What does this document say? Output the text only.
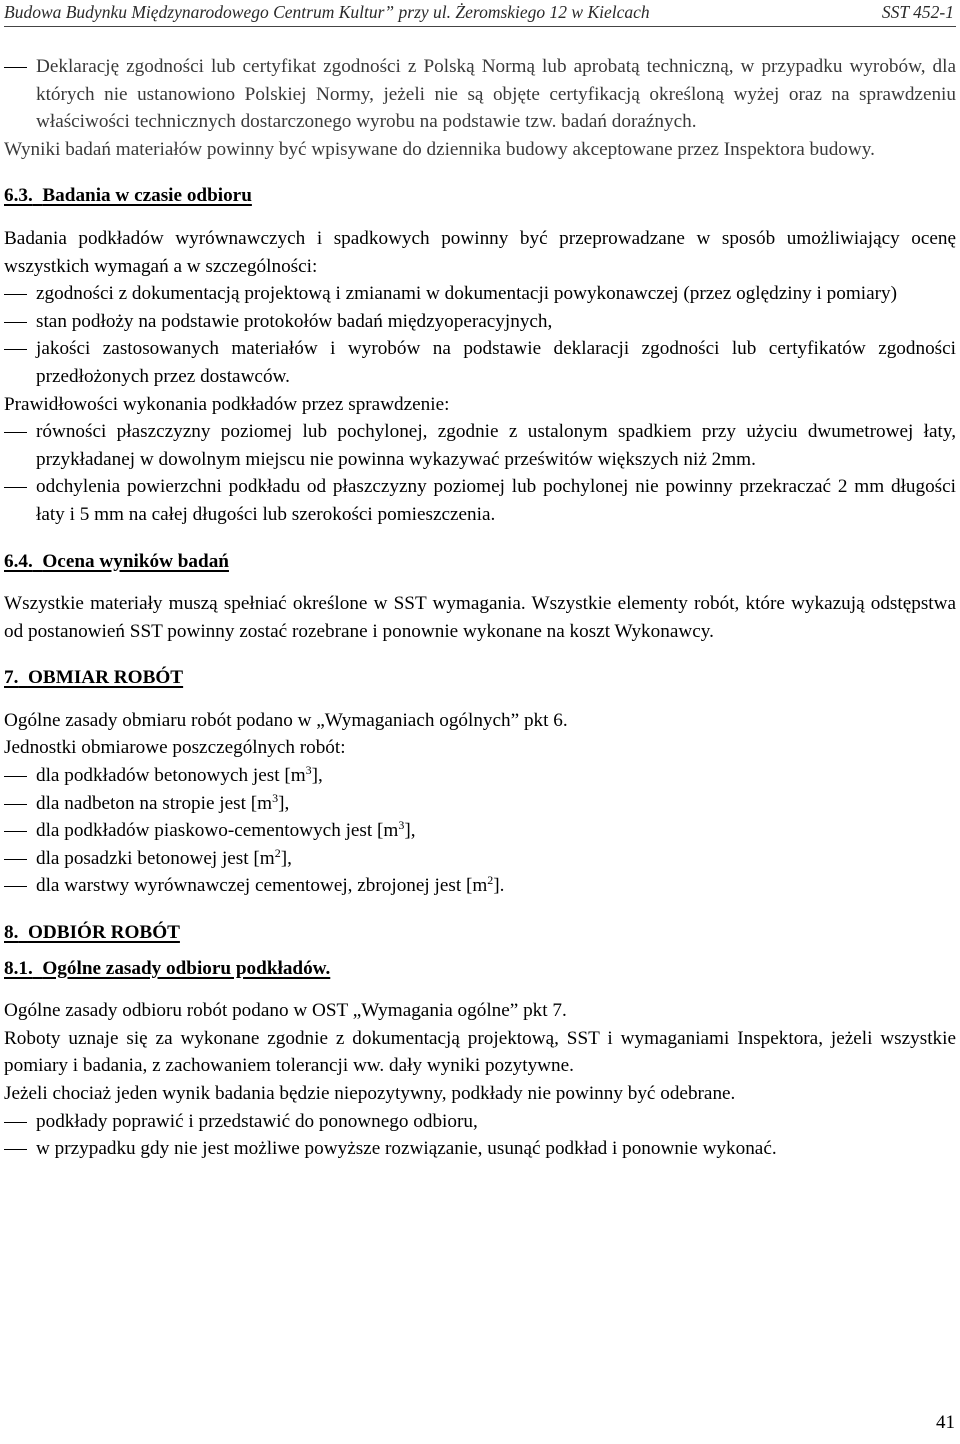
Budowa Budynku Międzynarodowego Centrum Kultur” przy ul. Żeromskiego 12 w Kielcach	SST 452-1

Deklarację zgodności lub certyfikat zgodności z Polską Normą lub aprobatą techniczną, w przypadku wyrobów, dla których nie ustanowiono Polskiej Normy, jeżeli nie są objęte certyfikacją określoną wyżej oraz na sprawdzeniu właściwości technicznych dostarczonego wyrobu na podstawie tzw. badań doraźnych.

Wyniki badań materiałów powinny być wpisywane do dziennika budowy akceptowane przez Inspektora budowy.

6.3. Badania w czasie odbioru

Badania podkładów wyrównawczych i spadkowych powinny być przeprowadzane w sposób umożliwiający ocenę wszystkich wymagań a w szczególności:

zgodności z dokumentacją projektową i zmianami w dokumentacji powykonawczej (przez oględziny i pomiary)

stan podłoży na podstawie protokołów badań międzyoperacyjnych,

jakości zastosowanych materiałów i wyrobów na podstawie deklaracji zgodności lub certyfikatów zgodności przedłożonych przez dostawców.

Prawidłowości wykonania podkładów przez sprawdzenie:

równości płaszczyzny poziomej lub pochylonej, zgodnie z ustalonym spadkiem przy użyciu dwumetrowej łaty, przykładanej w dowolnym miejscu nie powinna wykazywać prześwitów większych niż 2mm.

odchylenia powierzchni podkładu od płaszczyzny poziomej lub pochylonej nie powinny przekraczać 2 mm długości łaty i 5 mm na całej długości lub szerokości pomieszczenia.

6.4. Ocena wyników badań

Wszystkie materiały muszą spełniać określone w SST wymagania. Wszystkie elementy robót, które wykazują odstępstwa od postanowień SST powinny zostać rozebrane i ponownie wykonane na koszt Wykonawcy.

7. OBMIAR ROBÓT

Ogólne zasady obmiaru robót podano w „Wymaganiach ogólnych” pkt 6.

Jednostki obmiarowe poszczególnych robót:

dla podkładów betonowych jest $[m^3]$,

dla nadbeton na stropie jest $[m^3]$,

dla podkładów piaskowo-cementowych jest $[m^3]$,

dla posadzki betonowej jest $[m^2]$,

dla warstwy wyrównawczej cementowej, zbrojonej jest $[m^2]$.

8. ODBIÓR ROBÓT
8.1. Ogólne zasady odbioru podkładów.

Ogólne zasady odbioru robót podano w OST „Wymagania ogólne” pkt 7.

Roboty uznaje się za wykonane zgodnie z dokumentacją projektową, SST i wymaganiami Inspektora, jeżeli wszystkie pomiary i badania, z zachowaniem tolerancji ww. dały wyniki pozytywne.

Jeżeli chociaż jeden wynik badania będzie niepozytywny, podkłady nie powinny być odebrane.

podkłady poprawić i przedstawić do ponownego odbioru,

w przypadku gdy nie jest możliwe powyższe rozwiązanie, usunąć podkład i ponownie wykonać.

41
